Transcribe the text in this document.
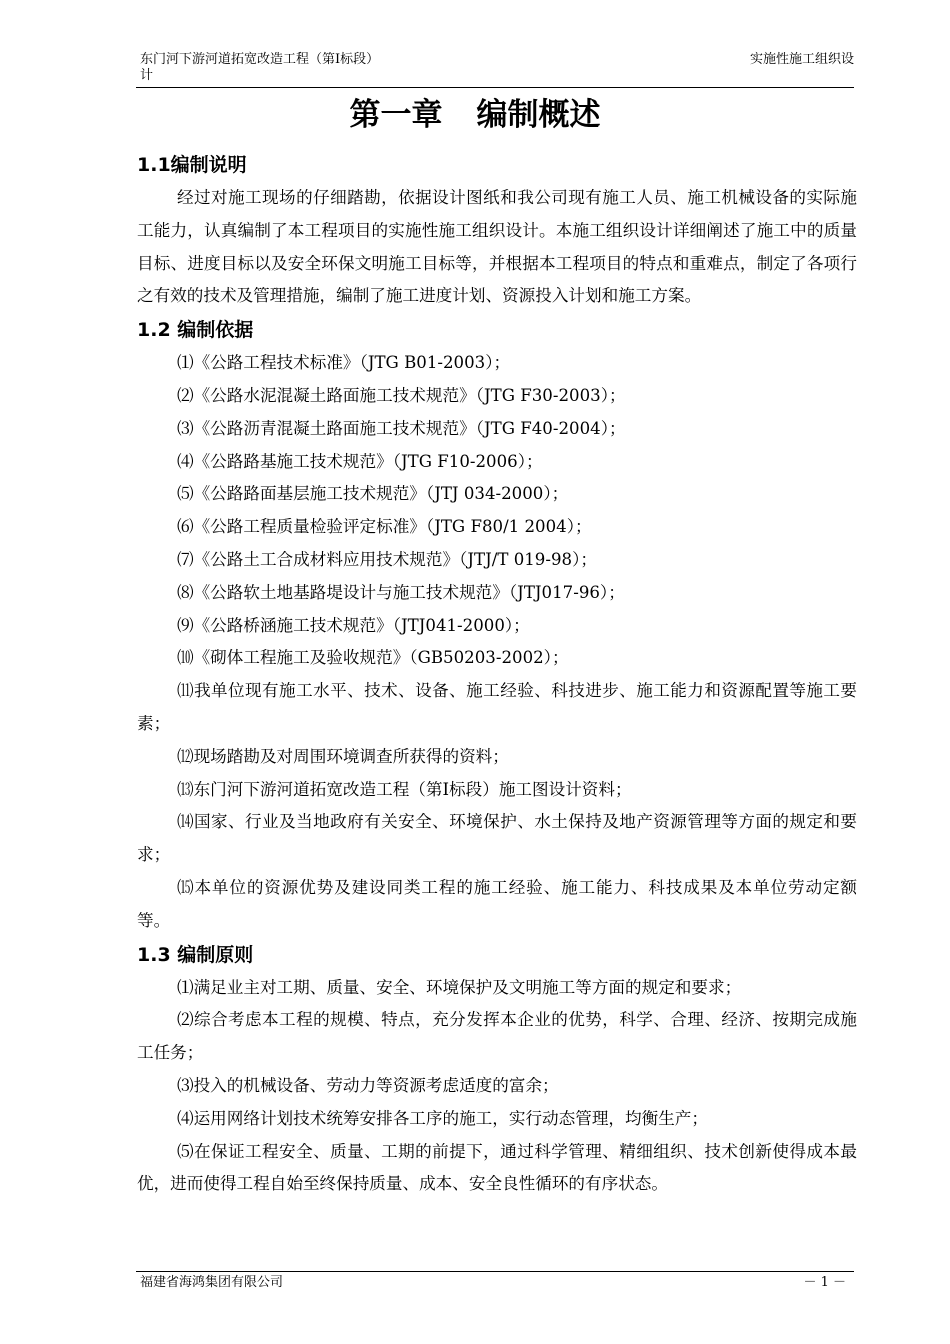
东门河下游河道拓宽改造工程（第Ⅰ标段）
计
实施性施工组织设
第一章 编制概述
1.1编制说明

经过对施工现场的仔细踏勘，依据设计图纸和我公司现有施工人员、施工机械设备的实际施工能力，认真编制了本工程项目的实施性施工组织设计。本施工组织设计详细阐述了施工中的质量目标、进度目标以及安全环保文明施工目标等，并根据本工程项目的特点和重难点，制定了各项行之有效的技术及管理措施，编制了施工进度计划、资源投入计划和施工方案。

1.2 编制依据

⑴《公路工程技术标准》（JTG B01-2003）；

⑵《公路水泥混凝土路面施工技术规范》（JTG F30-2003）；

⑶《公路沥青混凝土路面施工技术规范》（JTG F40-2004）；

⑷《公路路基施工技术规范》（JTG F10-2006）；

⑸《公路路面基层施工技术规范》（JTJ 034-2000）；

⑹《公路工程质量检验评定标准》（JTG F80/1 2004）；

⑺《公路土工合成材料应用技术规范》（JTJ/T 019-98）；

⑻《公路软土地基路堤设计与施工技术规范》（JTJ017-96）；

⑼《公路桥涵施工技术规范》（JTJ041-2000）；

⑽《砌体工程施工及验收规范》（GB50203-2002）；

⑾我单位现有施工水平、技术、设备、施工经验、科技进步、施工能力和资源配置等施工要素；

⑿现场踏勘及对周围环境调查所获得的资料；

⒀东门河下游河道拓宽改造工程（第Ⅰ标段）施工图设计资料；

⒁国家、行业及当地政府有关安全、环境保护、水土保持及地产资源管理等方面的规定和要求；

⒂本单位的资源优势及建设同类工程的施工经验、施工能力、科技成果及本单位劳动定额等。

1.3 编制原则

⑴满足业主对工期、质量、安全、环境保护及文明施工等方面的规定和要求；

⑵综合考虑本工程的规模、特点，充分发挥本企业的优势，科学、合理、经济、按期完成施工任务；

⑶投入的机械设备、劳动力等资源考虑适度的富余；

⑷运用网络计划技术统筹安排各工序的施工，实行动态管理，均衡生产；

⑸在保证工程安全、质量、工期的前提下，通过科学管理、精细组织、技术创新使得成本最优，进而使得工程自始至终保持质量、成本、安全良性循环的有序状态。

福建省海鸿集团有限公司	－ 1 －
